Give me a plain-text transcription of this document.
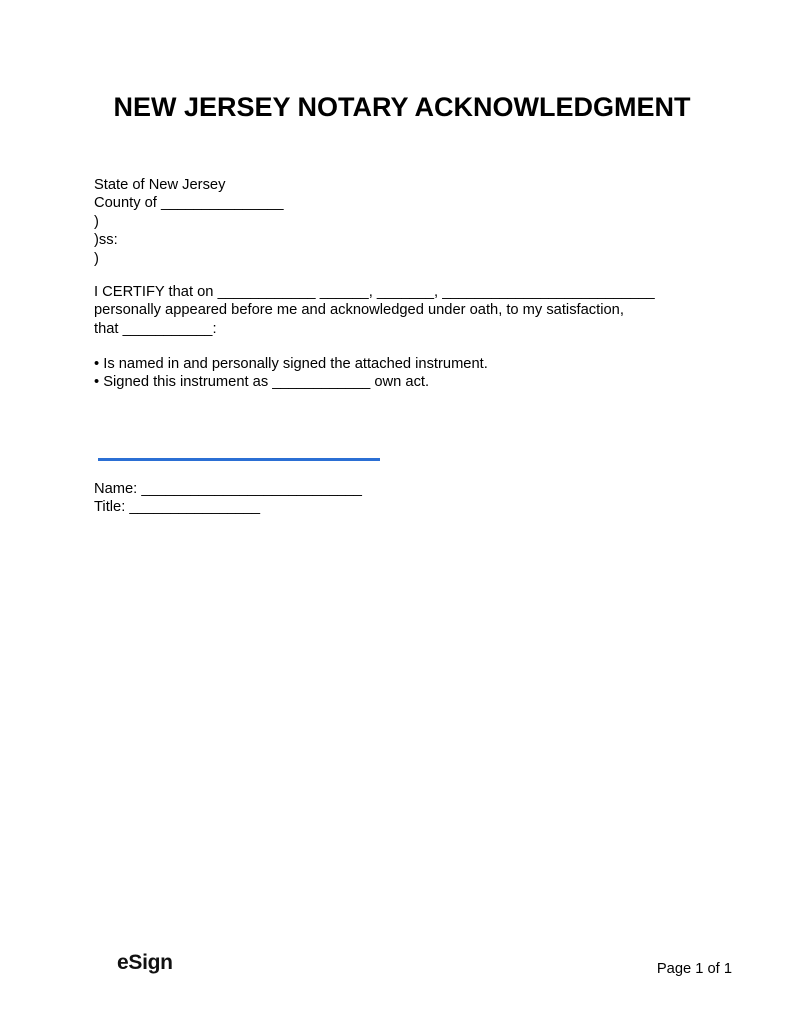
NEW JERSEY NOTARY ACKNOWLEDGMENT
State of New Jersey
County of _______________
)
)ss:
)
I CERTIFY that on ____________ ______, _______, __________________________
personally appeared before me and acknowledged under oath, to my satisfaction,
that ___________:
• Is named in and personally signed the attached instrument.
• Signed this instrument as ____________ own act.
Name: ___________________________
Title: ________________
eSign	Page 1 of 1
